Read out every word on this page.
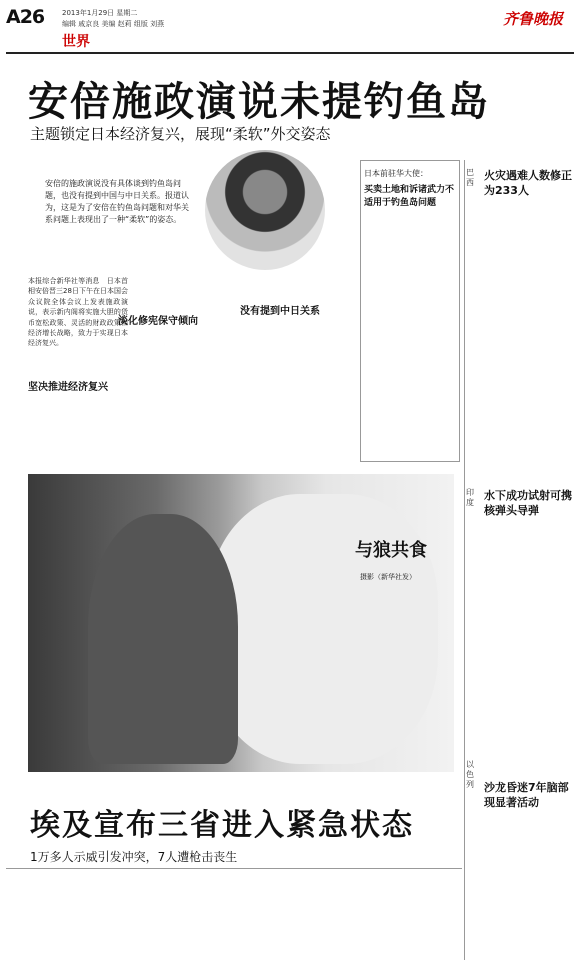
A26	2013年1月29日 星期二
编辑 戚京良 美编 赵莉 组版 刘燕
世界
齐鲁晚报
安倍施政演说未提钓鱼岛
主题锁定日本经济复兴，展现“柔软”外交姿态
安倍的施政演说没有具体谈到钓鱼岛问题，也没有提到中国与中日关系。报道认为，这是为了安倍在钓鱼岛问题和对华关系问题上表现出了一种“柔软”的姿态。
本报综合新华社等消息　日本首相安倍晋三28日下午在日本国会众议院全体会议上发表施政演说，表示新内阁将实施大胆的货币宽松政策、灵活的财政政策和经济增长战略，致力于实现日本经济复兴。
坚决推进经济复兴
淡化修宪保守倾向
没有提到中日关系
日本前驻华大使：
买卖土地和诉诸武力不适用于钓鱼岛问题
巴西
火灾遇难人数修正为233人
印度
水下成功试射可携核弹头导弹
以色列 沙龙昏迷7年脑部现显著活动
与狼共食
摄影（新华社发）
埃及宣布三省进入紧急状态
1万多人示威引发冲突，7人遭枪击丧生
